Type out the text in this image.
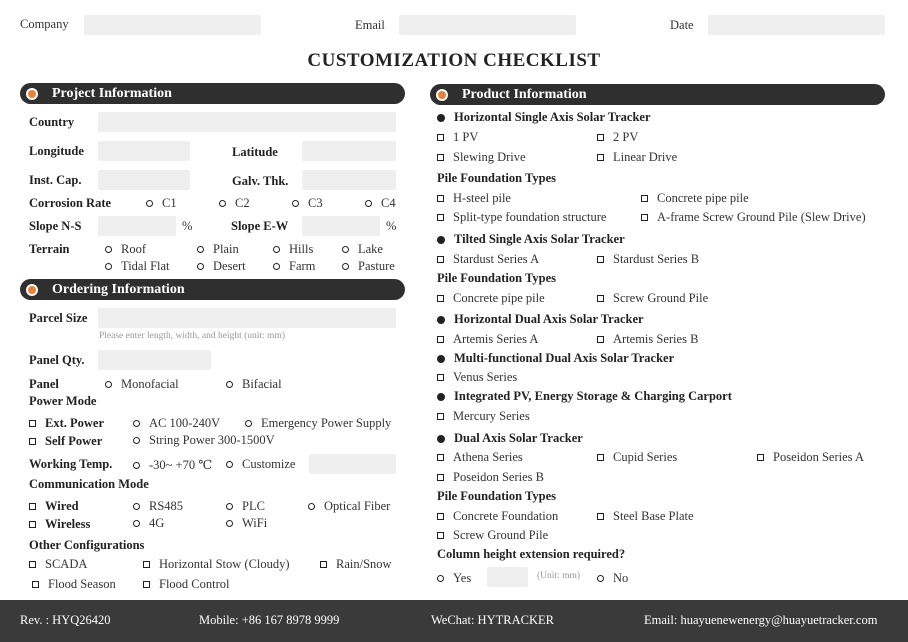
Company	Email	Date
CUSTOMIZATION CHECKLIST
Project Information
Country
Longitude	Latitude
Inst. Cap.	Galv. Thk.
Corrosion Rate	C1	C2	C3	C4
Slope N-S	%	Slope E-W	%
Terrain	Roof	Plain	Hills	Lake
Tidal Flat	Desert	Farm	Pasture
Ordering Information
Parcel Size
Please enter length, width, and height (unit: mm)
Panel Qty.
Panel	Monofacial	Bifacial
Power Mode
Ext. Power	AC 100-240V	Emergency Power Supply
Self Power	String Power 300-1500V
Working Temp.	-30~ +70 ℃ Customize
Communication Mode
Wired	RS485	PLC	Optical Fiber
Wireless	4G	WiFi
Other Configurations
SCADA	Horizontal Stow (Cloudy)	Rain/Snow
Flood Season	Flood Control
Product Information
Horizontal Single Axis Solar Tracker
1 PV	2 PV
Slewing Drive	Linear Drive
Pile Foundation Types
H-steel pile	Concrete pipe pile
Split-type foundation structure	A-frame Screw Ground Pile (Slew Drive)
Tilted Single Axis Solar Tracker
Stardust Series A	Stardust Series B
Pile Foundation Types
Concrete pipe pile	Screw Ground Pile
Horizontal Dual Axis Solar Tracker
Artemis Series A	Artemis Series B
Multi-functional Dual Axis Solar Tracker
Venus Series
Integrated PV, Energy Storage & Charging Carport
Mercury Series
Dual Axis Solar Tracker
Athena Series	Cupid Series	Poseidon Series A
Poseidon Series B
Pile Foundation Types
Concrete Foundation	Steel Base Plate
Screw Ground Pile
Column height extension required?
Yes	(Unit: mm)	No
Rev. : HYQ26420	Mobile: +86 167 8978 9999	WeChat: HYTRACKER	Email: huayuenewenergy@huayuetracker.com
